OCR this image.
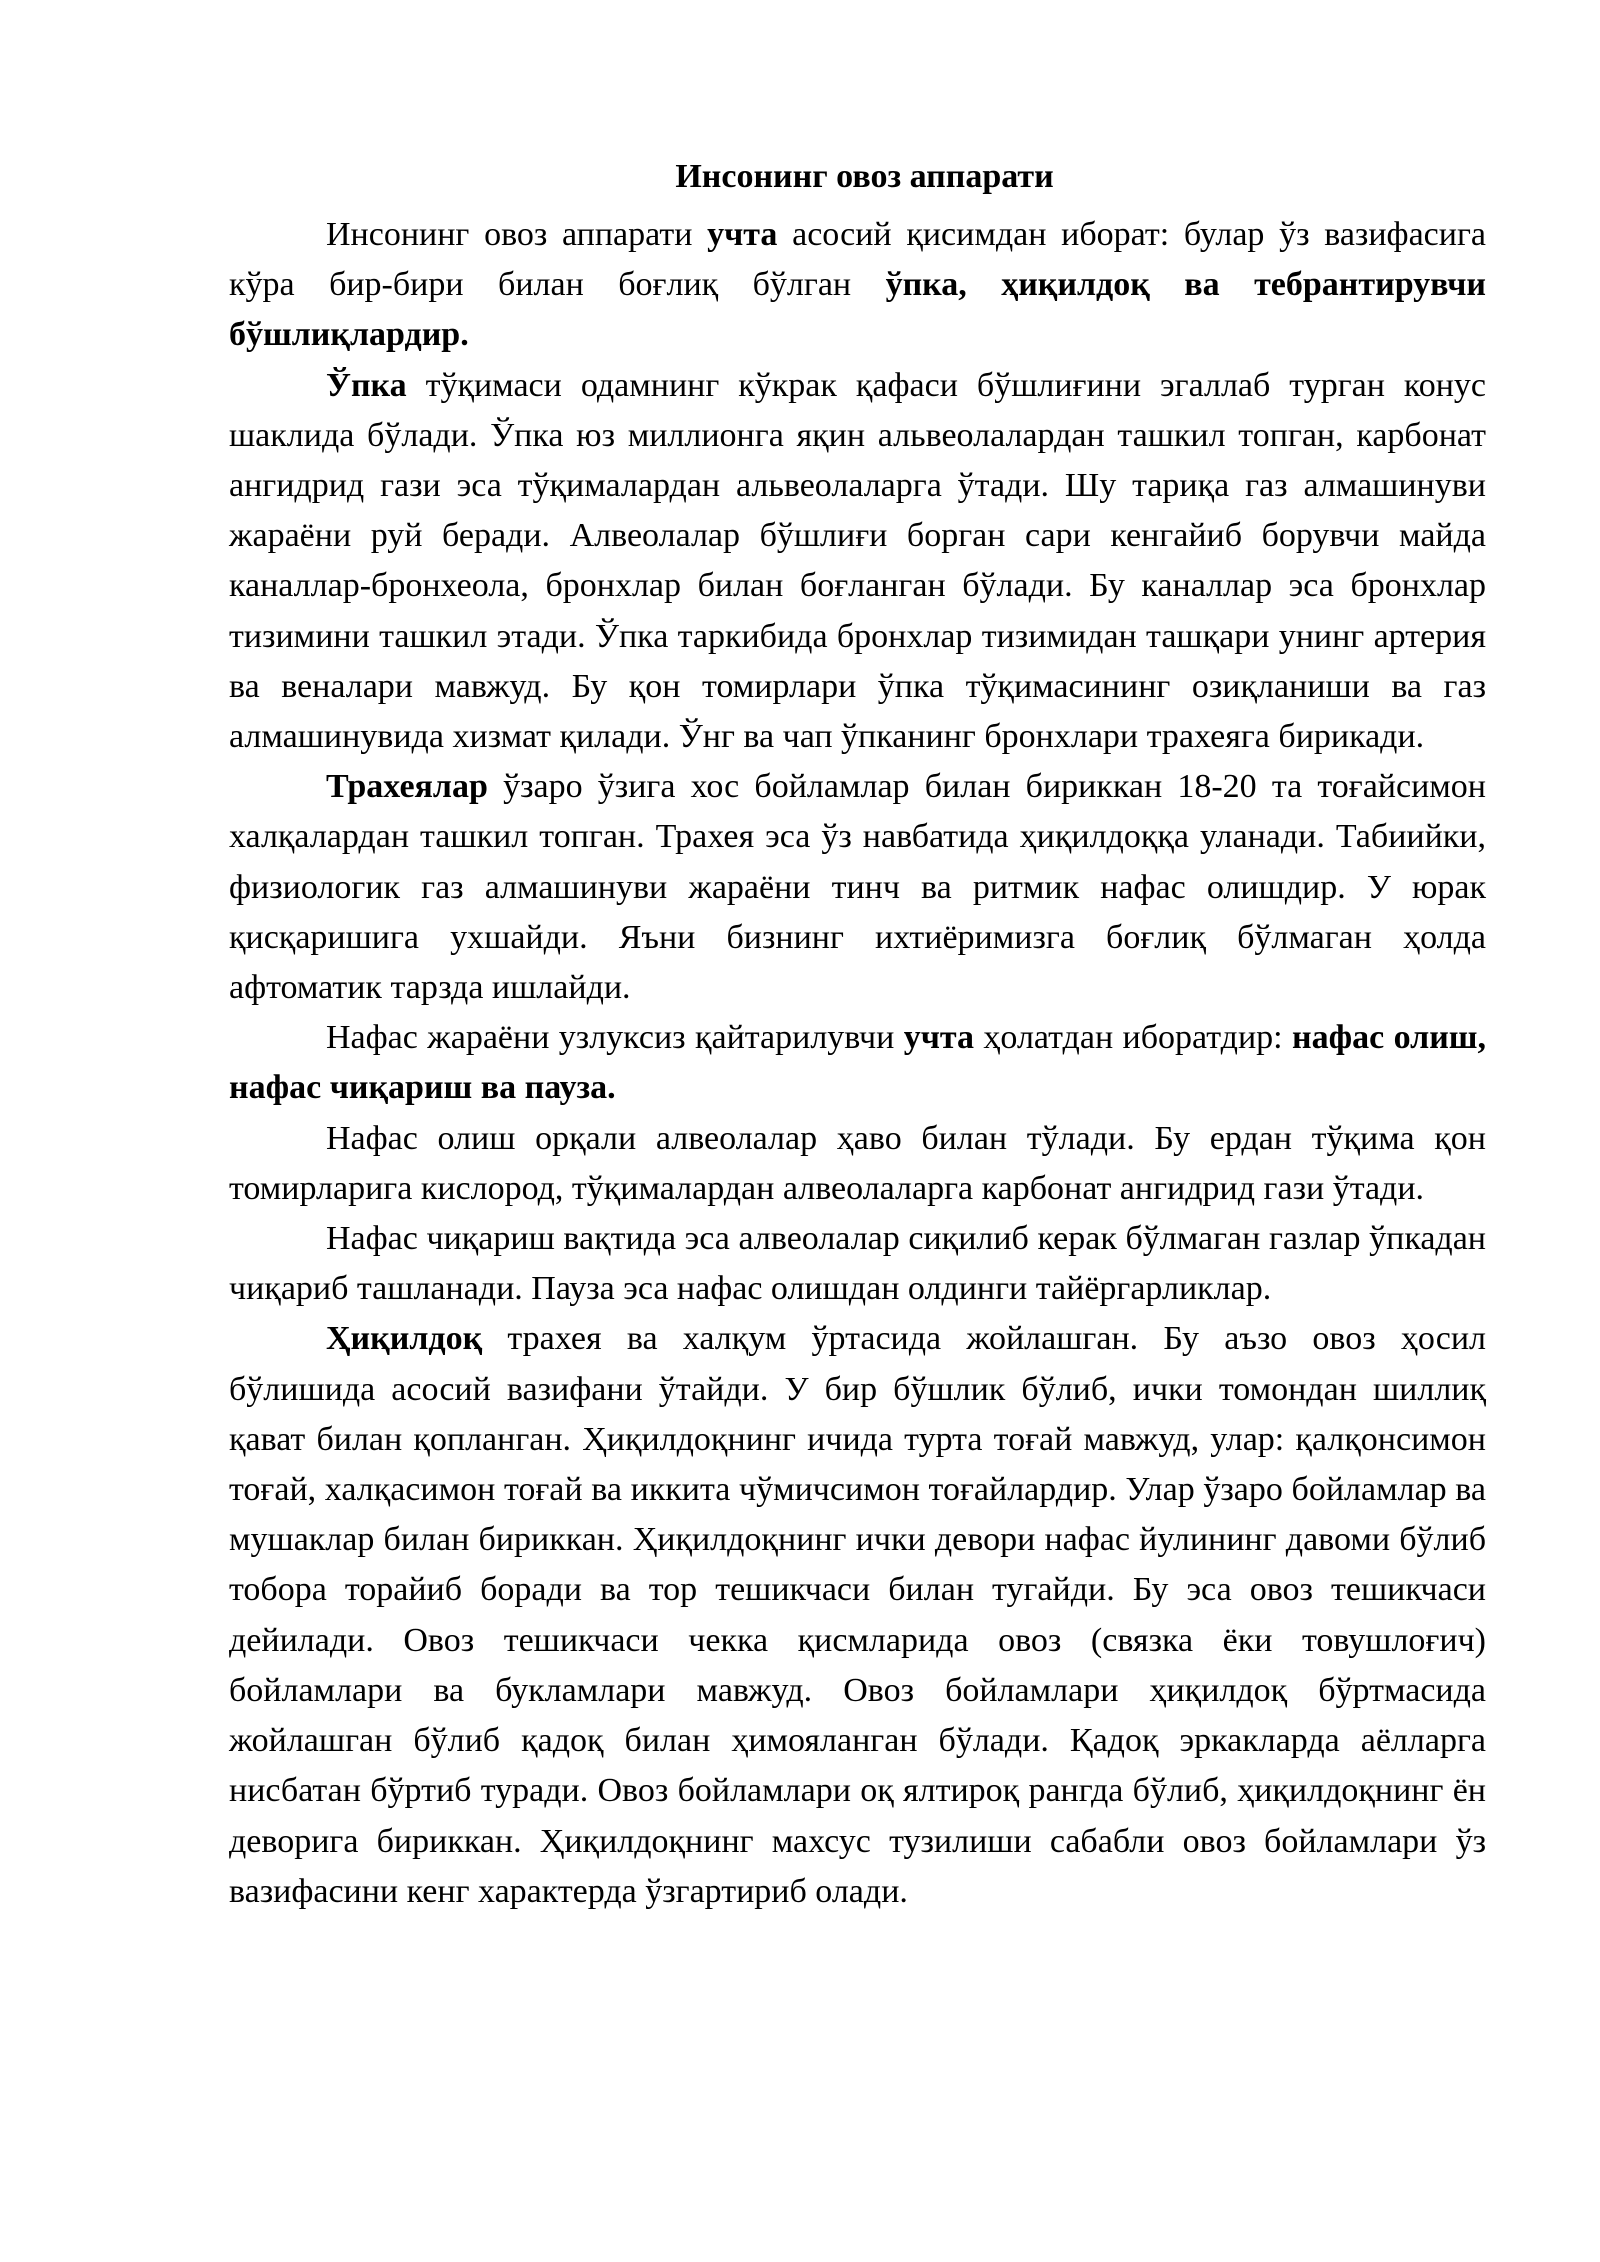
Инсонинг овоз аппарати

Инсонинг овоз аппарати учта асосий қисимдан иборат: булар ўз вазифасига кўра бир-бири билан боғлиқ бўлган ўпка, ҳиқилдоқ ва тебрантирувчи бўшлиқлардир.

Ўпка тўқимаси одамнинг кўкрак қафаси бўшлиғини эгаллаб турган конус шаклида бўлади. Ўпка юз миллионга яқин альвеолалардан ташкил топган, карбонат ангидрид гази эса тўқималардан альвеолаларга ўтади. Шу тариқа газ алмашинуви жараёни руй беради. Алвеолалар бўшлиғи борган сари кенгайиб борувчи майда каналлар-бронхеола, бронхлар билан боғланган бўлади. Бу каналлар эса бронхлар тизимини ташкил этади. Ўпка таркибида бронхлар тизимидан ташқари унинг артерия ва веналари мавжуд. Бу қон томирлари ўпка тўқимасининг озиқланиши ва газ алмашинувида хизмат қилади. Ўнг ва чап ўпканинг бронхлари трахеяга бирикади.

Трахеялар ўзаро ўзига хос бойламлар билан бириккан 18-20 та тоғайсимон халқалардан ташкил топган. Трахея эса ўз навбатида ҳиқилдоққа уланади. Табиийки, физиологик газ алмашинуви жараёни тинч ва ритмик нафас олишдир. У юрак қисқаришига ухшайди. Яъни бизнинг ихтиёримизга боғлиқ бўлмаган ҳолда афтоматик тарзда ишлайди.

Нафас жараёни узлуксиз қайтарилувчи учта ҳолатдан иборатдир: нафас олиш, нафас чиқариш ва пауза.

Нафас олиш орқали алвеолалар ҳаво билан тўлади. Бу ердан тўқима қон томирларига кислород, тўқималардан алвеолаларга карбонат ангидрид гази ўтади.

Нафас чиқариш вақтида эса алвеолалар сиқилиб керак бўлмаган газлар ўпкадан чиқариб ташланади. Пауза эса нафас олишдан олдинги тайёргарликлар.

Ҳиқилдоқ трахея ва халқум ўртасида жойлашган. Бу аъзо овоз ҳосил бўлишида асосий вазифани ўтайди. У бир бўшлик бўлиб, ички томондан шиллиқ қават билан қопланган. Ҳиқилдоқнинг ичида турта тоғай мавжуд, улар: қалқонсимон тоғай, халқасимон тоғай ва иккита чўмичсимон тоғайлардир. Улар ўзаро бойламлар ва мушаклар билан бириккан. Ҳиқилдоқнинг ички девори нафас йулининг давоми бўлиб тобора торайиб боради ва тор тешикчаси билан тугайди. Бу эса овоз тешикчаси дейилади. Овоз тешикчаси чекка қисмларида овоз (связка ёки товушлоғич) бойламлари ва букламлари мавжуд. Овоз бойламлари ҳиқилдоқ бўртмасида жойлашган бўлиб қадоқ билан ҳимояланган бўлади. Қадоқ эркакларда аёлларга нисбатан бўртиб туради. Овоз бойламлари оқ ялтироқ рангда бўлиб, ҳиқилдоқнинг ён деворига бириккан. Ҳиқилдоқнинг махсус тузилиши сабабли овоз бойламлари ўз вазифасини кенг характерда ўзгартириб олади.
